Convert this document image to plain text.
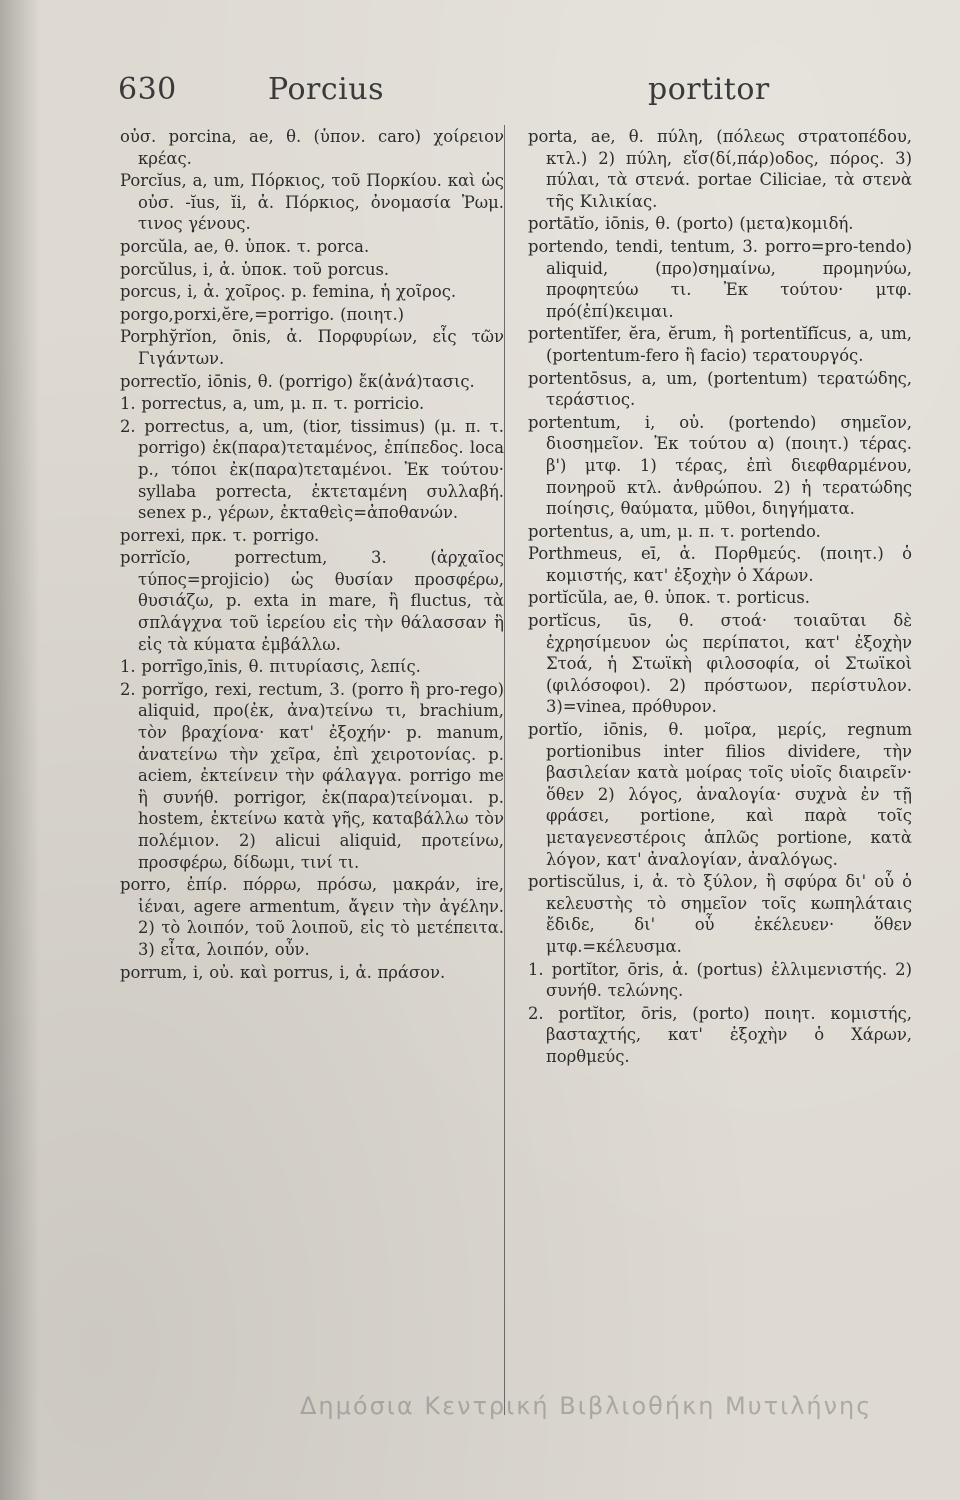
630	Porcius	portitor

οὐσ. porcina, ae, θ. (ὑπον. caro) χοίρειον κρέας.

Porcĭus, a, um, Πόρκιος, τοῦ Πορκίου. καὶ ὡς οὐσ. -ĭus, ĭi, ἀ. Πόρκιος, ὀνομασία Ῥωμ. τινος γένους.

porcŭla, ae, θ. ὑποκ. τ. porca.

porcŭlus, i, ἀ. ὑποκ. τοῦ porcus.

porcus, i, ἀ. χοῖρος. p. femina, ἡ χοῖρος.

porgo,porxi,ĕre,=porrigo. (ποιητ.)

Porphy̆rĭon, ōnis, ἀ. Πορφυρίων, εἷς τῶν Γιγάντων.

porrectĭo, iōnis, θ. (porrigo) ἔκ(ἀνά)τασις.

1. porrectus, a, um, μ. π. τ. porricio.

2. porrectus, a, um, (tior, tissimus) (μ. π. τ. porrigo) ἐκ(παρα)τεταμένος, ἐπίπεδος. loca p., τόποι ἐκ(παρα)τεταμένοι. Ἐκ τούτου· syllaba porrecta, ἐκτεταμένη συλλαβή. senex p., γέρων, ἐκταθεὶς=ἀποθανών.

porrexi, πρκ. τ. porrigo.

porrĭcĭo, porrectum, 3. (ἀρχαῖος τύπος=projicio) ὡς θυσίαν προσφέρω, θυσιάζω, p. exta in mare, ἢ fluctus, τὰ σπλάγχνα τοῦ ἱερείου εἰς τὴν θάλασσαν ἢ εἰς τὰ κύματα ἐμβάλλω.

1. porrīgo,īnis, θ. πιτυρίασις, λεπίς.

2. porrĭgo, rexi, rectum, 3. (porro ἢ pro-rego) aliquid, προ(ἐκ, ἀνα)τείνω τι, brachium, τὸν βραχίονα· κατ' ἐξοχήν· p. manum, ἀνατείνω τὴν χεῖρα, ἐπὶ χειροτονίας. p. aciem, ἐκτείνειν τὴν φάλαγγα. porrigo me ἢ συνήθ. porrigor, ἐκ(παρα)τείνομαι. p. hostem, ἐκτείνω κατὰ γῆς, καταβάλλω τὸν πολέμιον. 2) alicui aliquid, προτείνω, προσφέρω, δίδωμι, τινί τι.

porro, ἐπίρ. πόρρω, πρόσω, μακράν, ire, ἰέναι, agere armentum, ἄγειν τὴν ἀγέλην. 2) τὸ λοιπόν, τοῦ λοιποῦ, εἰς τὸ μετέπειτα. 3) εἶτα, λοιπόν, οὖν.

porrum, i, οὐ. καὶ porrus, i, ἀ. πράσον.

porta, ae, θ. πύλη, (πόλεως στρατοπέδου, κτλ.) 2) πύλη, εἴσ(δί,πάρ)οδος, πόρος. 3) πύλαι, τὰ στενά. portae Ciliciae, τὰ στενὰ τῆς Κιλικίας.

portātĭo, iōnis, θ. (porto) (μετα)κομιδή.

portendo, tendi, tentum, 3. porro=pro-tendo) aliquid, (προ)σημαίνω, προμηνύω, προφητεύω τι. Ἐκ τούτου· μτφ. πρό(ἐπί)κειμαι.

portentĭfer, ĕra, ĕrum, ἢ portentĭfĭcus, a, um, (portentum-fero ἢ facio) τερατουργός.

portentōsus, a, um, (portentum) τερατώδης, τεράστιος.

portentum, i, οὐ. (portendo) σημεῖον, διοσημεῖον. Ἐκ τούτου α) (ποιητ.) τέρας. β') μτφ. 1) τέρας, ἐπὶ διεφθαρμένου, πονηροῦ κτλ. ἀνθρώπου. 2) ἡ τερατώδης ποίησις, θαύματα, μῦθοι, διηγήματα.

portentus, a, um, μ. π. τ. portendo.

Porthmeus, eī, ἀ. Πορθμεύς. (ποιητ.) ὁ κομιστής, κατ' ἐξοχὴν ὁ Χάρων.

portĭcŭla, ae, θ. ὑποκ. τ. porticus.

portĭcus, ūs, θ. στοά· τοιαῦται δὲ ἐχρησίμευον ὡς περίπατοι, κατ' ἐξοχὴν Στοά, ἡ Στωϊκὴ φιλοσοφία, οἱ Στωϊκοὶ (φιλόσοφοι). 2) πρόστωον, περίστυλον. 3)=vinea, πρόθυρον.

portĭo, iōnis, θ. μοῖρα, μερίς, regnum portionibus inter filios dividere, τὴν βασιλείαν κατὰ μοίρας τοῖς υἱοῖς διαιρεῖν· ὅθεν 2) λόγος, ἀναλογία· συχνὰ ἐν τῇ φράσει, portione, καὶ παρὰ τοῖς μεταγενεστέροις ἁπλῶς portione, κατὰ λόγον, κατ' ἀναλογίαν, ἀναλόγως.

portiscŭlus, i, ἀ. τὸ ξύλον, ἢ σφύρα δι' οὗ ὁ κελευστὴς τὸ σημεῖον τοῖς κωπηλάταις ἔδιδε, δι' οὗ ἐκέλευεν· ὅθεν μτφ.=κέλευσμα.

1. portĭtor, ōris, ἀ. (portus) ἐλλιμενιστής. 2) συνήθ. τελώνης.

2. portĭtor, ōris, (porto) ποιητ. κομιστής, βασταχτής, κατ' ἐξοχὴν ὁ Χάρων, πορθμεύς.

Δημόσια Κεντρική Βιβλιοθήκη Μυτιλήνης
